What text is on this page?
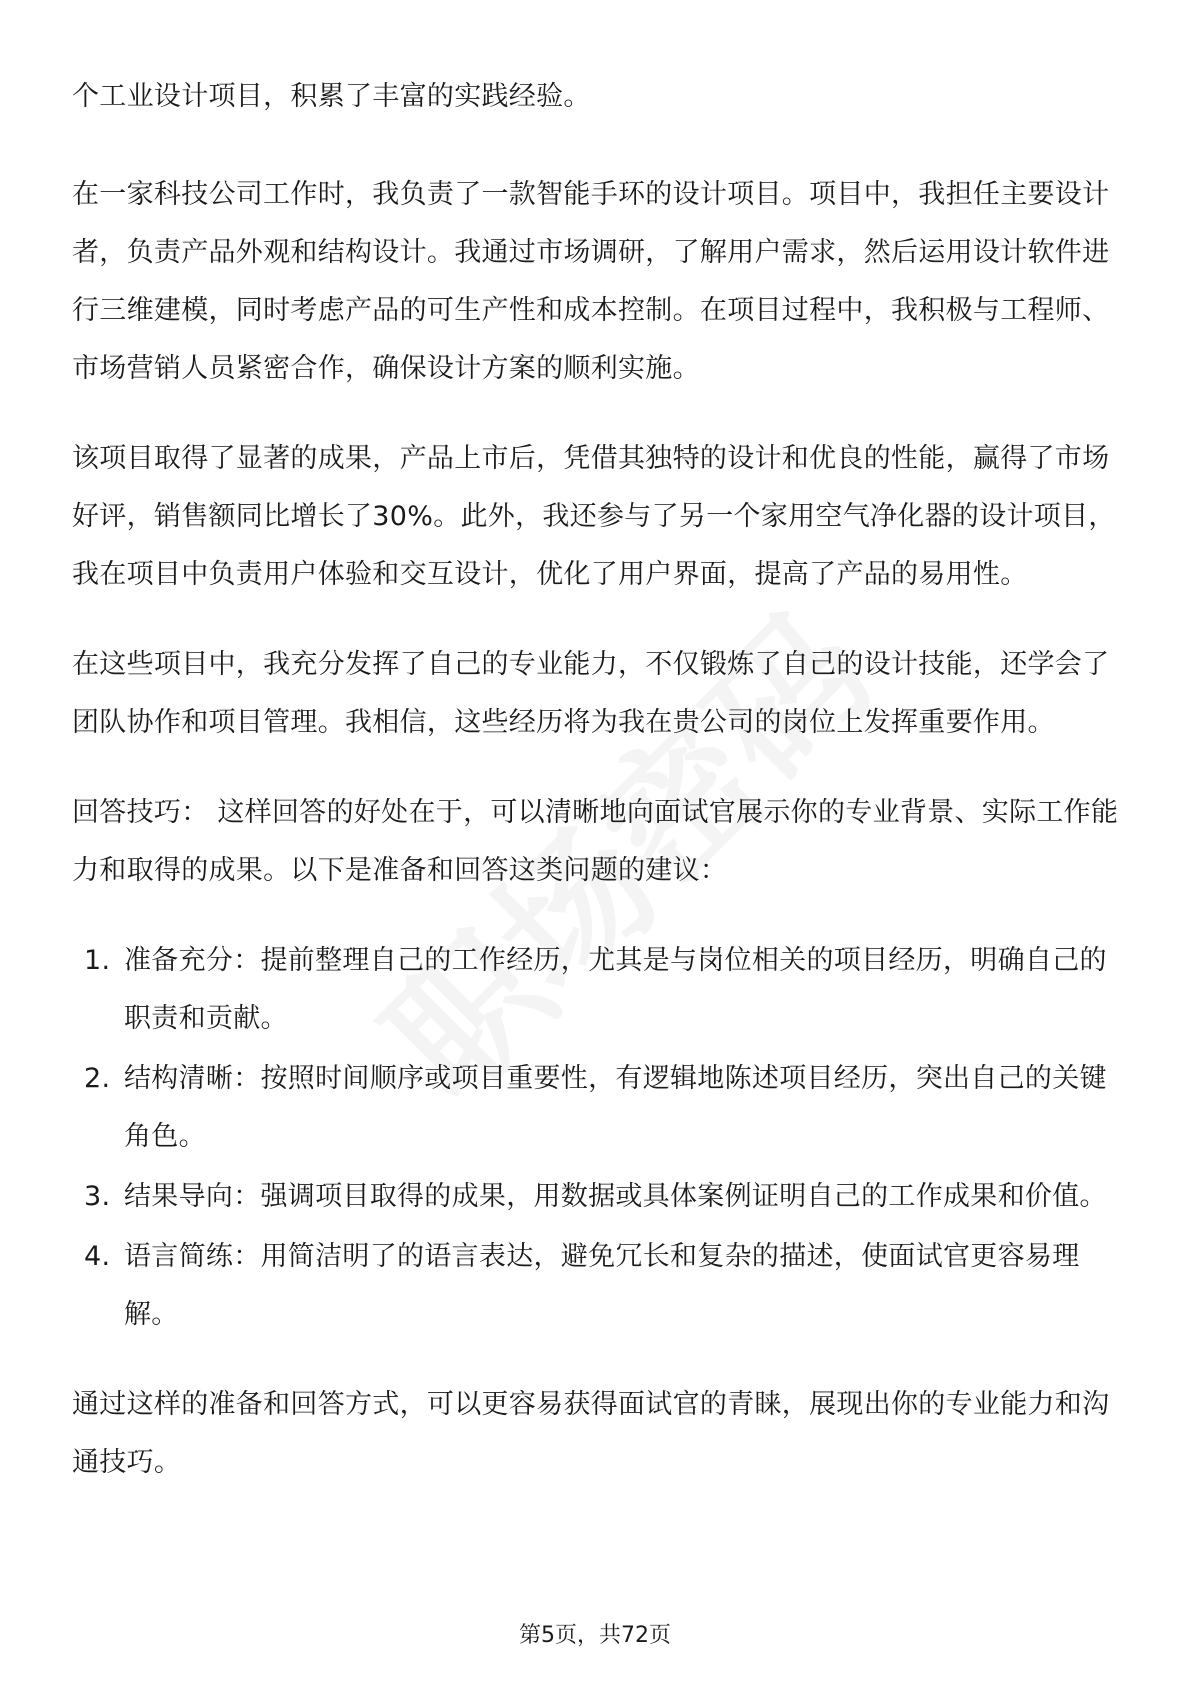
个工业设计项目，积累了丰富的实践经验。

在一家科技公司工作时，我负责了一款智能手环的设计项目。项目中，我担任主要设计者，负责产品外观和结构设计。我通过市场调研，了解用户需求，然后运用设计软件进行三维建模，同时考虑产品的可生产性和成本控制。在项目过程中，我积极与工程师、市场营销人员紧密合作，确保设计方案的顺利实施。

该项目取得了显著的成果，产品上市后，凭借其独特的设计和优良的性能，赢得了市场好评，销售额同比增长了30%。此外，我还参与了另一个家用空气净化器的设计项目，我在项目中负责用户体验和交互设计，优化了用户界面，提高了产品的易用性。

在这些项目中，我充分发挥了自己的专业能力，不仅锻炼了自己的设计技能，还学会了团队协作和项目管理。我相信，这些经历将为我在贵公司的岗位上发挥重要作用。

回答技巧： 这样回答的好处在于，可以清晰地向面试官展示你的专业背景、实际工作能力和取得的成果。以下是准备和回答这类问题的建议：

1. 准备充分：提前整理自己的工作经历，尤其是与岗位相关的项目经历，明确自己的职责和贡献。
2. 结构清晰：按照时间顺序或项目重要性，有逻辑地陈述项目经历，突出自己的关键角色。
3. 结果导向：强调项目取得的成果，用数据或具体案例证明自己的工作成果和价值。
4. 语言简练：用简洁明了的语言表达，避免冗长和复杂的描述，使面试官更容易理解。

通过这样的准备和回答方式，可以更容易获得面试官的青睐，展现出你的专业能力和沟通技巧。

第5页，共72页
